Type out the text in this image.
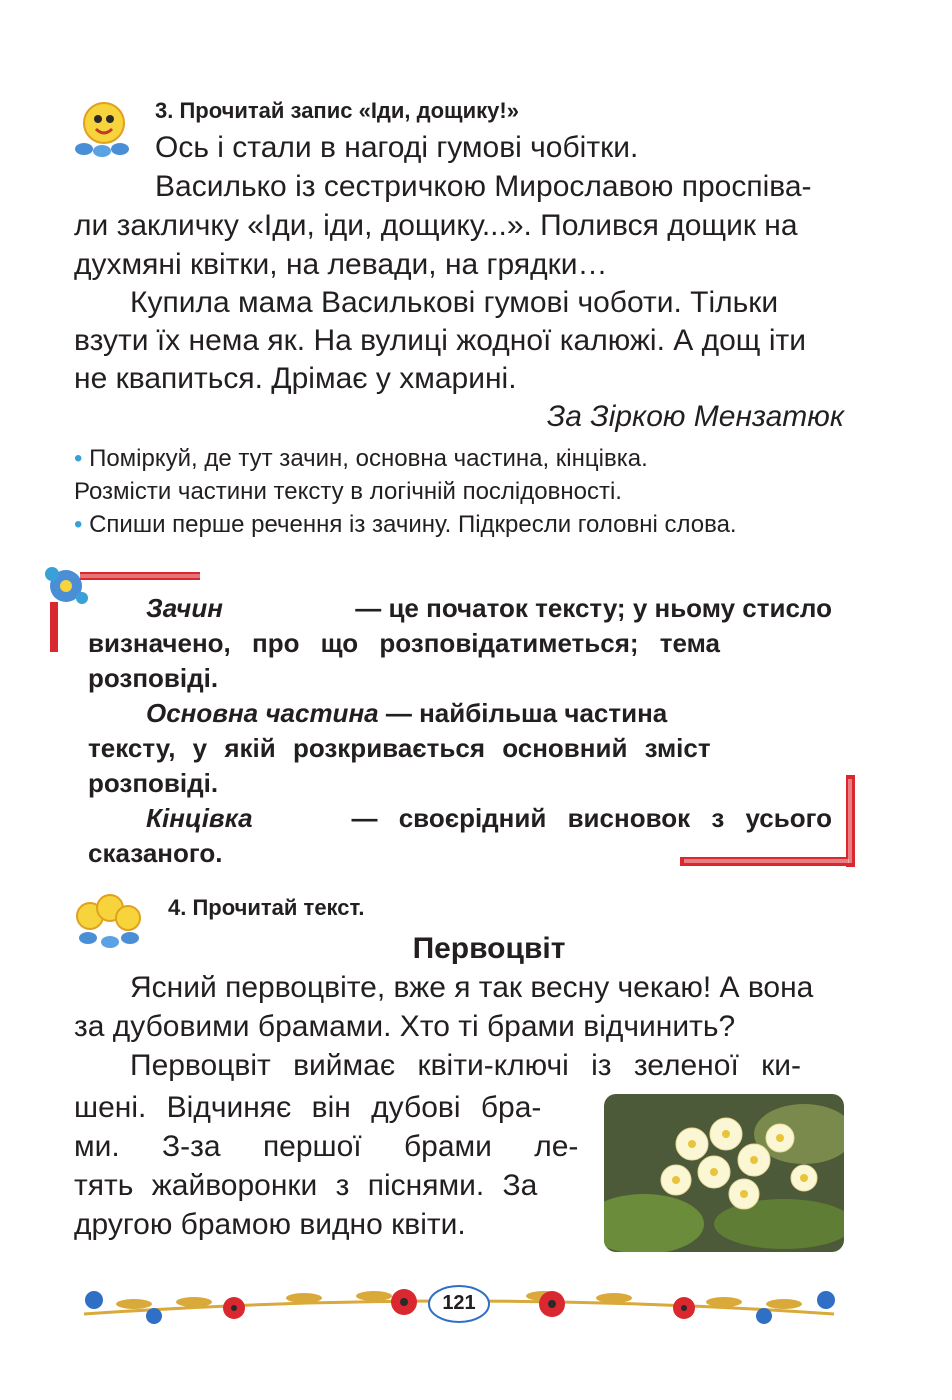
3. Прочитай запис «Іди, дощику!»
Ось і стали в нагоді гумові чобітки.
Василько із сестричкою Мирославою проспіва-
ли закличку «Іди, іди, дощику...». Полився дощик на
духмяні квітки, на левади, на грядки…
Купила мама Василькові гумові чоботи. Тільки
взути їх нема як. На вулиці жодної калюжі. А дощ іти
не квапиться. Дрімає у хмарині.
За Зіркою Мензатюк
• Поміркуй, де тут зачин, основна частина, кінцівка.
Розмісти частини тексту в логічній послідовності.
• Спиши перше речення із зачину. Підкресли головні слова.
Зачин	— це початок тексту; у ньому стисло
визначено, про що розповідатиметься; тема
розповіді.
Основна частина — найбільша частина
тексту, у якій розкривається основний зміст
розповіді.
Кінцівка	— своєрідний висновок з усього
сказаного.
4. Прочитай текст.
Первоцвіт
Ясний первоцвіте, вже я так весну чекаю! А вона
за дубовими брамами. Хто ті брами відчинить?
Первоцвіт виймає квіти-ключі із зеленої ки-
шені. Відчиняє він дубові бра-
ми. З-за першої брами ле-
тять жайворонки з піснями. За
другою брамою видно квіти.
121
